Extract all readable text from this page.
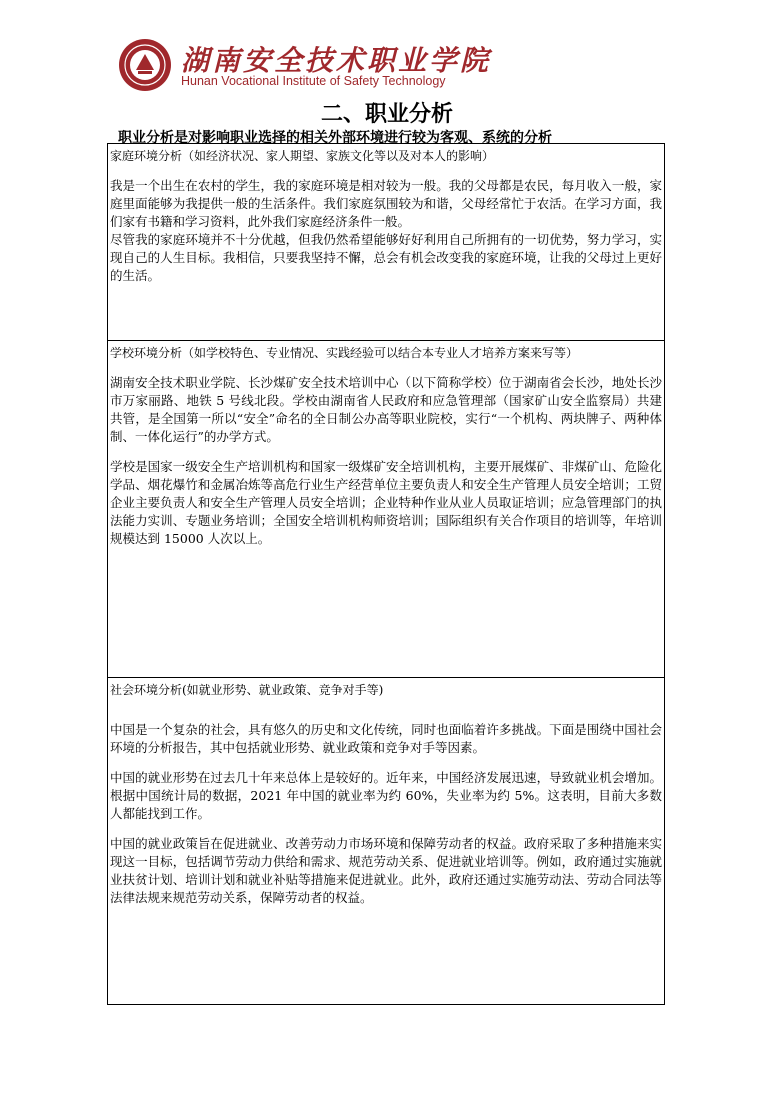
湖南安全技术职业学院
Hunan Vocational Institute of Safety Technology
二、职业分析
职业分析是对影响职业选择的相关外部环境进行较为客观、系统的分析
家庭环境分析（如经济状况、家人期望、家族文化等以及对本人的影响）

我是一个出生在农村的学生，我的家庭环境是相对较为一般。我的父母都是农民，每月收入一般，家庭里面能够为我提供一般的生活条件。我们家庭氛围较为和谐，父母经常忙于农活。在学习方面，我们家有书籍和学习资料，此外我们家庭经济条件一般。

尽管我的家庭环境并不十分优越，但我仍然希望能够好好利用自己所拥有的一切优势，努力学习，实现自己的人生目标。我相信，只要我坚持不懈，总会有机会改变我的家庭环境，让我的父母过上更好的生活。

学校环境分析（如学校特色、专业情况、实践经验可以结合本专业人才培养方案来写等）

湖南安全技术职业学院、长沙煤矿安全技术培训中心（以下简称学校）位于湖南省会长沙，地处长沙市万家丽路、地铁 5 号线北段。学校由湖南省人民政府和应急管理部（国家矿山安全监察局）共建共管，是全国第一所以“安全”命名的全日制公办高等职业院校，实行“一个机构、两块牌子、两种体制、一体化运行”的办学方式。

学校是国家一级安全生产培训机构和国家一级煤矿安全培训机构，主要开展煤矿、非煤矿山、危险化学品、烟花爆竹和金属冶炼等高危行业生产经营单位主要负责人和安全生产管理人员安全培训；工贸企业主要负责人和安全生产管理人员安全培训；企业特种作业从业人员取证培训；应急管理部门的执法能力实训、专题业务培训；全国安全培训机构师资培训；国际组织有关合作项目的培训等，年培训规模达到 15000 人次以上。

社会环境分析(如就业形势、就业政策、竞争对手等)

中国是一个复杂的社会，具有悠久的历史和文化传统，同时也面临着许多挑战。下面是围绕中国社会环境的分析报告，其中包括就业形势、就业政策和竞争对手等因素。

中国的就业形势在过去几十年来总体上是较好的。近年来，中国经济发展迅速，导致就业机会增加。根据中国统计局的数据，2021 年中国的就业率为约 60%，失业率为约 5%。这表明，目前大多数人都能找到工作。

中国的就业政策旨在促进就业、改善劳动力市场环境和保障劳动者的权益。政府采取了多种措施来实现这一目标，包括调节劳动力供给和需求、规范劳动关系、促进就业培训等。例如，政府通过实施就业扶贫计划、培训计划和就业补贴等措施来促进就业。此外，政府还通过实施劳动法、劳动合同法等法律法规来规范劳动关系，保障劳动者的权益。
